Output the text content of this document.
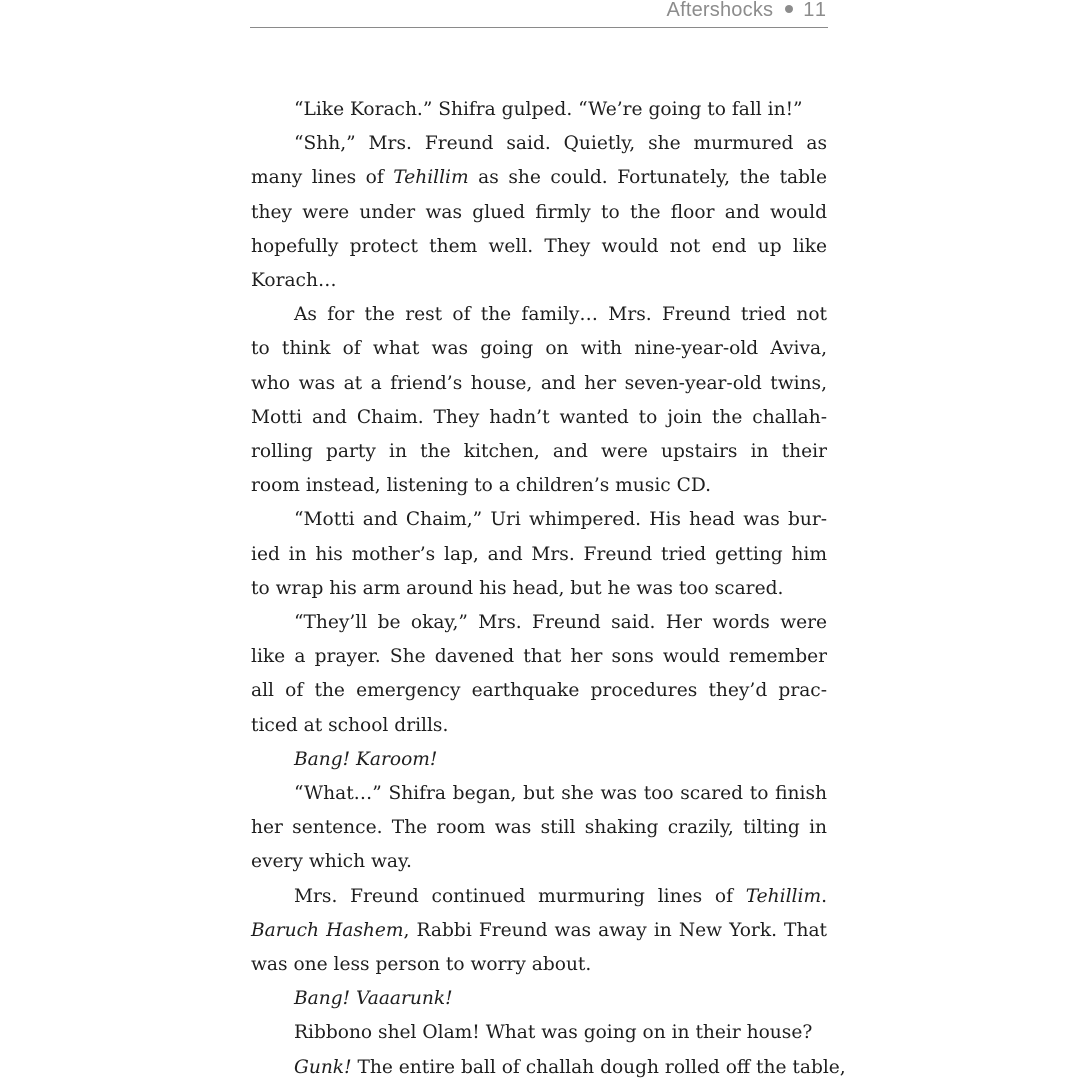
Aftershocks 11

“Like Korach.” Shifra gulped. “We’re going to fall in!”

“Shh,” Mrs. Freund said. Quietly, she murmured as
many lines of Tehillim as she could. Fortunately, the table
they were under was glued firmly to the floor and would
hopefully protect them well. They would not end up like
Korach…

As for the rest of the family… Mrs. Freund tried not
to think of what was going on with nine-year-old Aviva,
who was at a friend’s house, and her seven-year-old twins,
Motti and Chaim. They hadn’t wanted to join the challah-
rolling party in the kitchen, and were upstairs in their
room instead, listening to a children’s music CD.

“Motti and Chaim,” Uri whimpered. His head was bur-
ied in his mother’s lap, and Mrs. Freund tried getting him
to wrap his arm around his head, but he was too scared.

“They’ll be okay,” Mrs. Freund said. Her words were
like a prayer. She davened that her sons would remember
all of the emergency earthquake procedures they’d prac-
ticed at school drills.

Bang! Karoom!

“What…” Shifra began, but she was too scared to finish
her sentence. The room was still shaking crazily, tilting in
every which way.

Mrs. Freund continued murmuring lines of Tehillim.
Baruch Hashem, Rabbi Freund was away in New York. That
was one less person to worry about.

Bang! Vaaarunk!

Ribbono shel Olam! What was going on in their house?

Gunk! The entire ball of challah dough rolled off the table,
